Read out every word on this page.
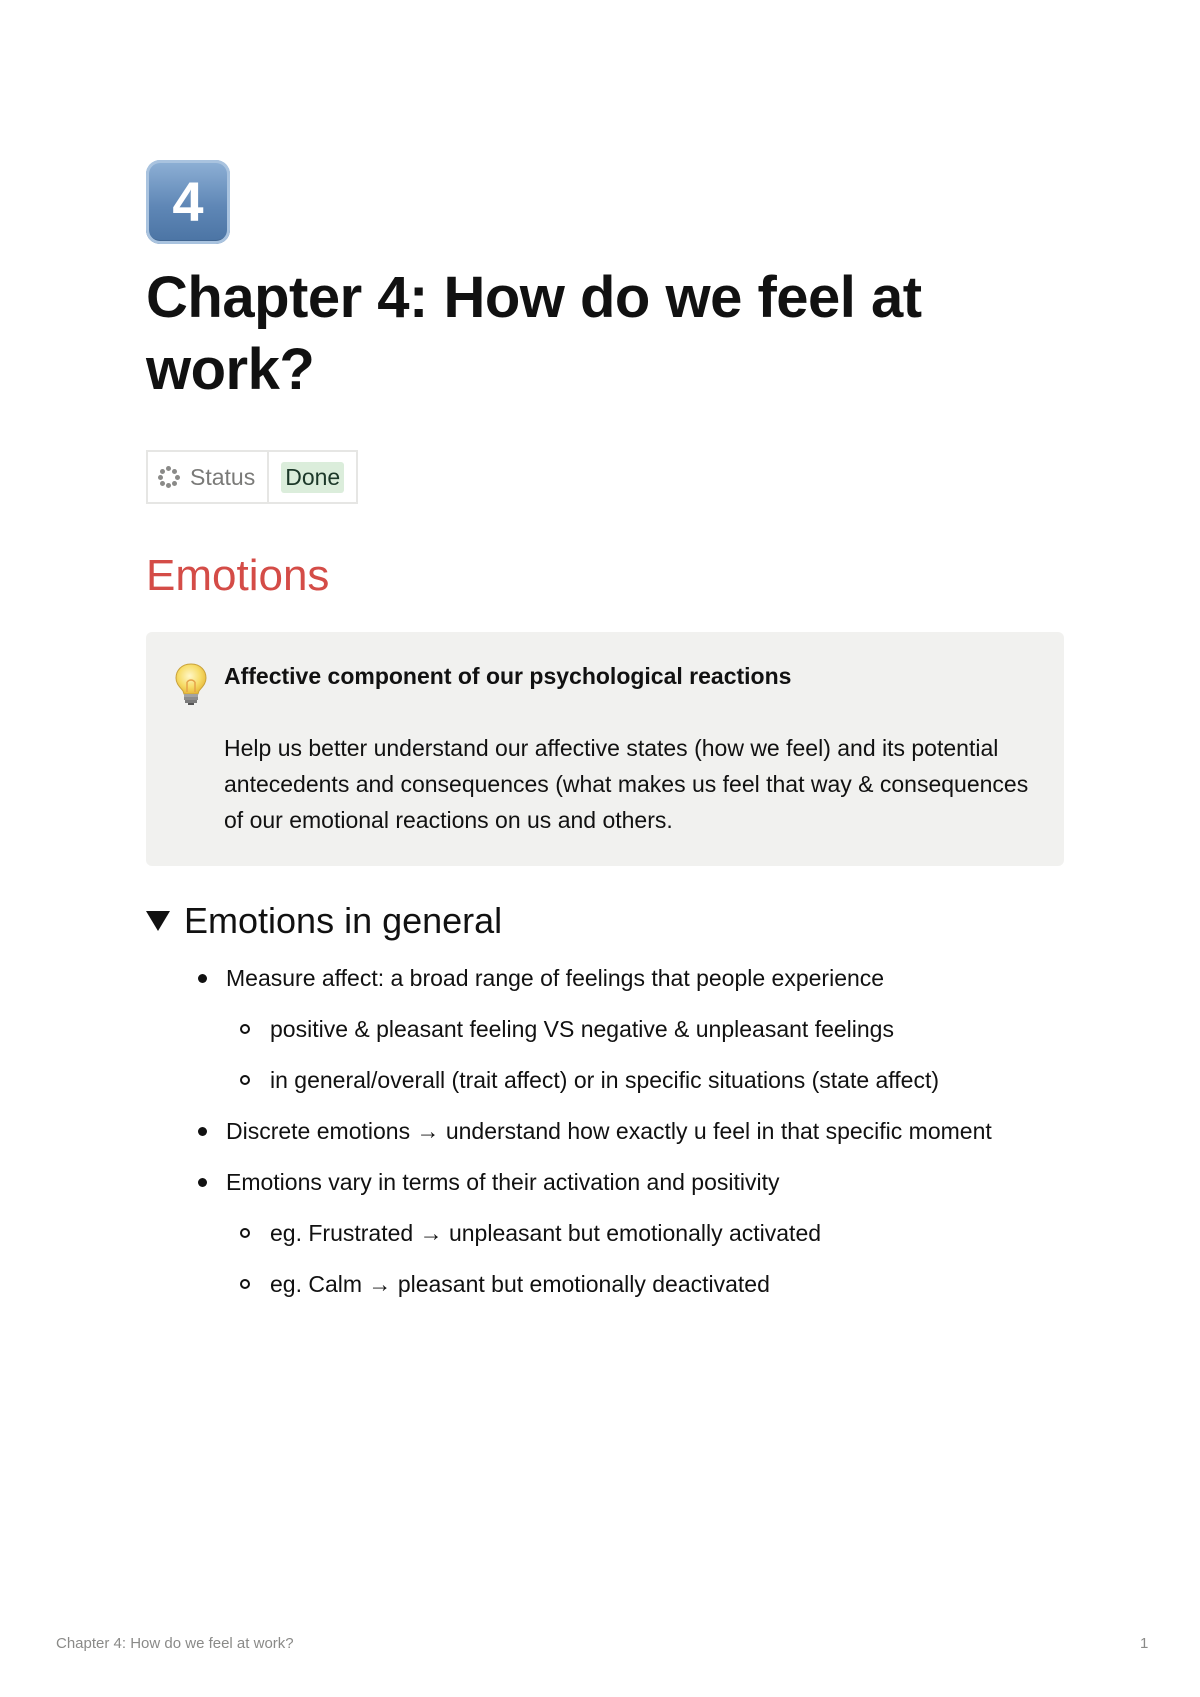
4
Chapter 4: How do we feel at work?
Status Done
Emotions

Affective component of our psychological reactions

Help us better understand our affective states (how we feel) and its potential antecedents and consequences (what makes us feel that way & consequences of our emotional reactions on us and others.

Emotions in general
Measure affect: a broad range of feelings that people experience
positive & pleasant feeling VS negative & unpleasant feelings
in general/overall (trait affect) or in specific situations (state affect)
Discrete emotions → understand how exactly u feel in that specific moment
Emotions vary in terms of their activation and positivity
eg. Frustrated → unpleasant but emotionally activated
eg. Calm → pleasant but emotionally deactivated
Chapter 4: How do we feel at work?	1
